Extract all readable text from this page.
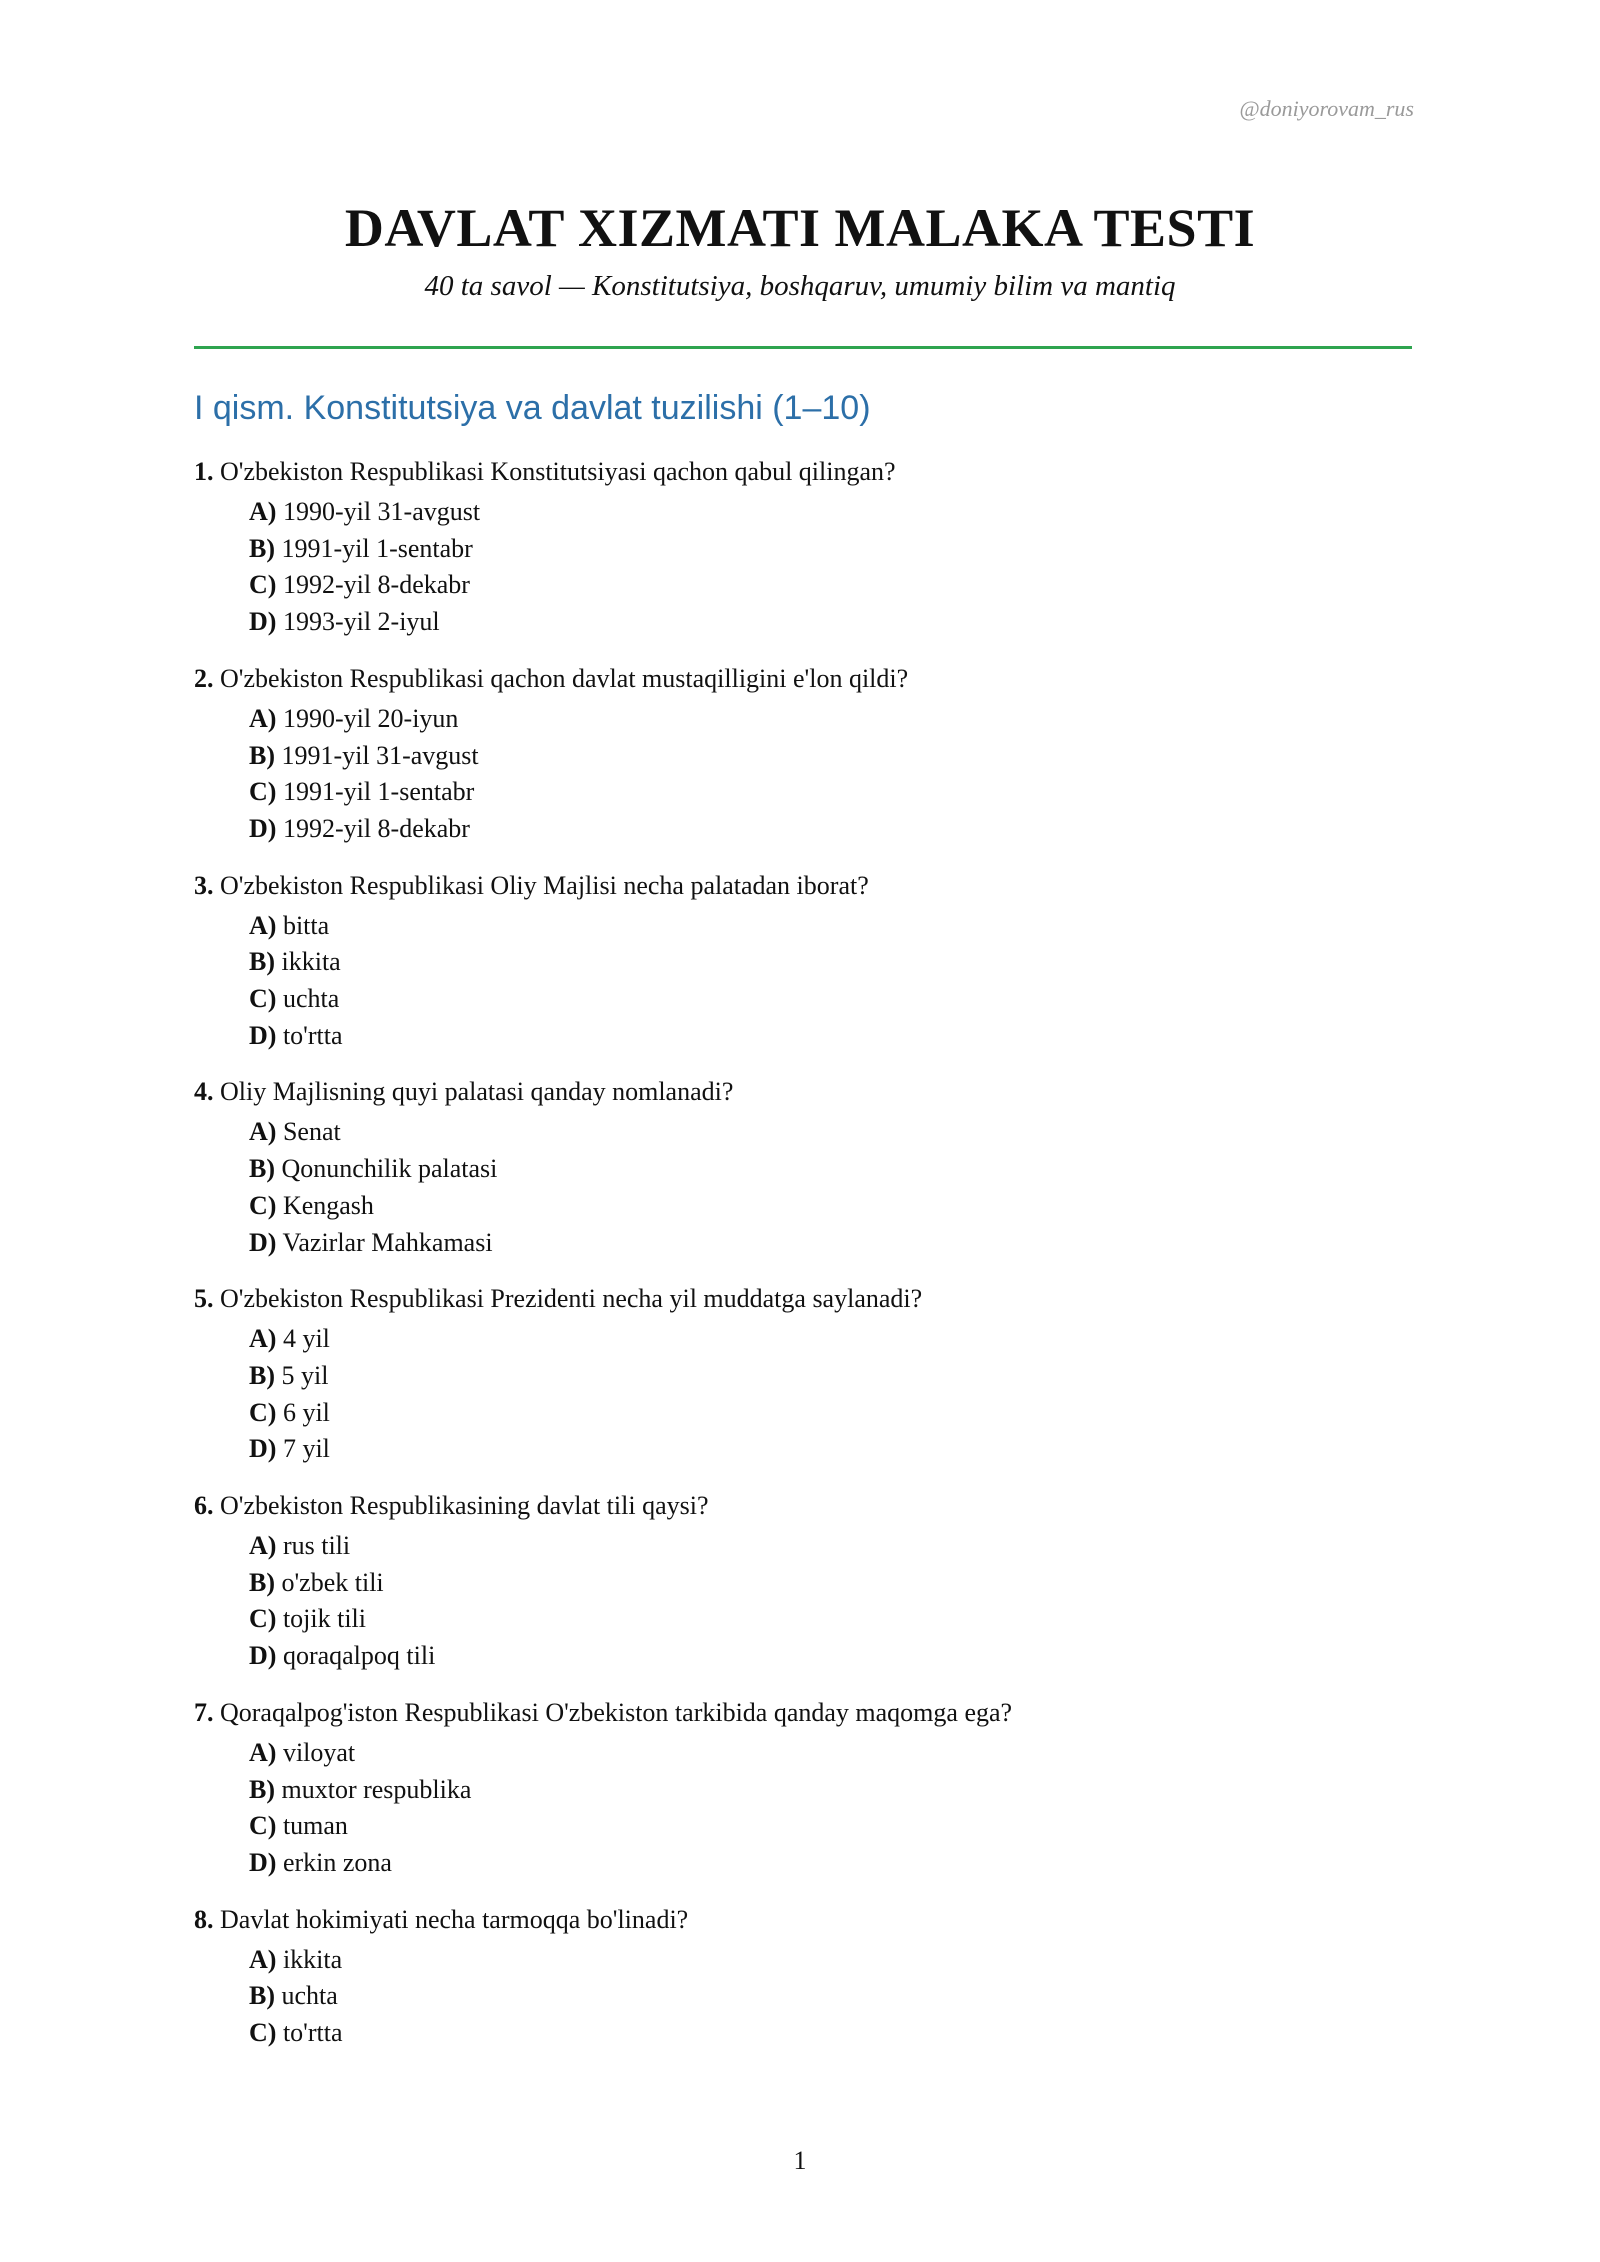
@doniyorovam_rus
DAVLAT XIZMATI MALAKA TESTI
40 ta savol — Konstitutsiya, boshqaruv, umumiy bilim va mantiq
I qism. Konstitutsiya va davlat tuzilishi (1–10)
1. O'zbekiston Respublikasi Konstitutsiyasi qachon qabul qilingan?
A) 1990-yil 31-avgust
B) 1991-yil 1-sentabr
C) 1992-yil 8-dekabr
D) 1993-yil 2-iyul
2. O'zbekiston Respublikasi qachon davlat mustaqilligini e'lon qildi?
A) 1990-yil 20-iyun
B) 1991-yil 31-avgust
C) 1991-yil 1-sentabr
D) 1992-yil 8-dekabr
3. O'zbekiston Respublikasi Oliy Majlisi necha palatadan iborat?
A) bitta
B) ikkita
C) uchta
D) to'rtta
4. Oliy Majlisning quyi palatasi qanday nomlanadi?
A) Senat
B) Qonunchilik palatasi
C) Kengash
D) Vazirlar Mahkamasi
5. O'zbekiston Respublikasi Prezidenti necha yil muddatga saylanadi?
A) 4 yil
B) 5 yil
C) 6 yil
D) 7 yil
6. O'zbekiston Respublikasining davlat tili qaysi?
A) rus tili
B) o'zbek tili
C) tojik tili
D) qoraqalpoq tili
7. Qoraqalpog'iston Respublikasi O'zbekiston tarkibida qanday maqomga ega?
A) viloyat
B) muxtor respublika
C) tuman
D) erkin zona
8. Davlat hokimiyati necha tarmoqqa bo'linadi?
A) ikkita
B) uchta
C) to'rtta
1
